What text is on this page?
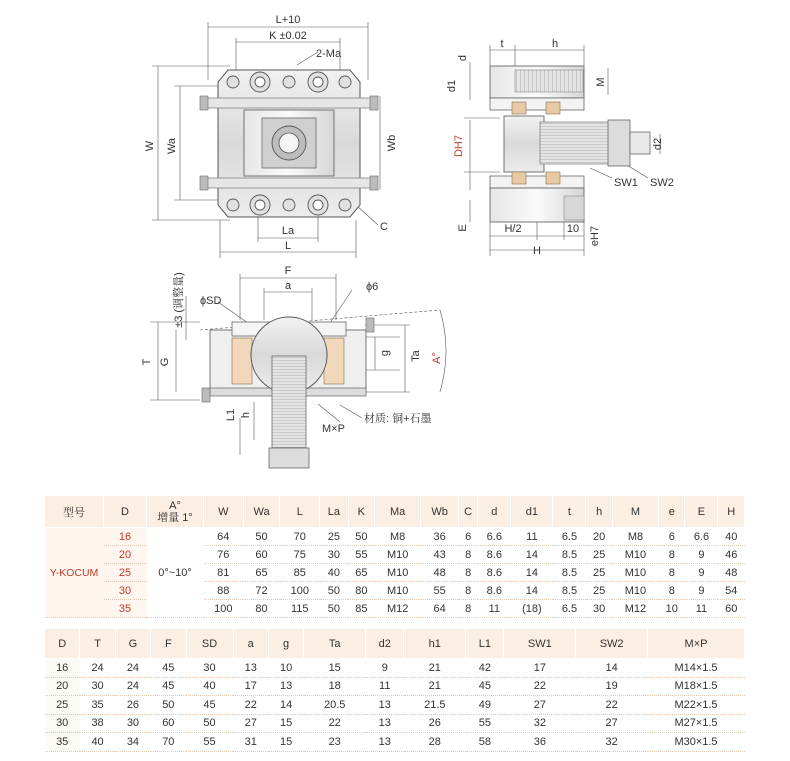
L+10
K ±0.02
2-Ma
W Wa	Wb
La
L
C
t	h
d
d1	M
DH7	d2
SW1 SW2
E	H/2	10 eH7
H
F
a
ϕSD
ϕ6
±3 (调整量)
T G
g Ta A°
L1 h
M×P
材质: 铜+石墨
型号	D	A°
增量 1°	W	Wa	L	La	K	Ma	Wb	C	d	d1	t	h	M	e	E	H
Y-KOCUM	16	0°~10°	64	50	70	25	50	M8	36	6	6.6	11	6.5	20	M8	6	6.6	40
	20		76	60	75	30	55	M10	43	8	8.6	14	8.5	25	M10	8	9	46
	25		81	65	85	40	65	M10	48	8	8.6	14	8.5	25	M10	8	9	48
	30		88	72	100	50	80	M10	55	8	8.6	14	8.5	25	M10	8	9	54
	35		100	80	115	50	85	M12	64	8	11	(18)	6.5	30	M12	10	11	60
D	T	G	F	SD	a	g	Ta	d2	h1	L1	SW1	SW2	M×P
16	24	24	45	30	13	10	15	9	21	42	17	14	M14×1.5
20	30	24	45	40	17	13	18	11	21	45	22	19	M18×1.5
25	35	26	50	45	22	14	20.5	13	21.5	49	27	22	M22×1.5
30	38	30	60	50	27	15	22	13	26	55	32	27	M27×1.5
35	40	34	70	55	31	15	23	13	28	58	36	32	M30×1.5
